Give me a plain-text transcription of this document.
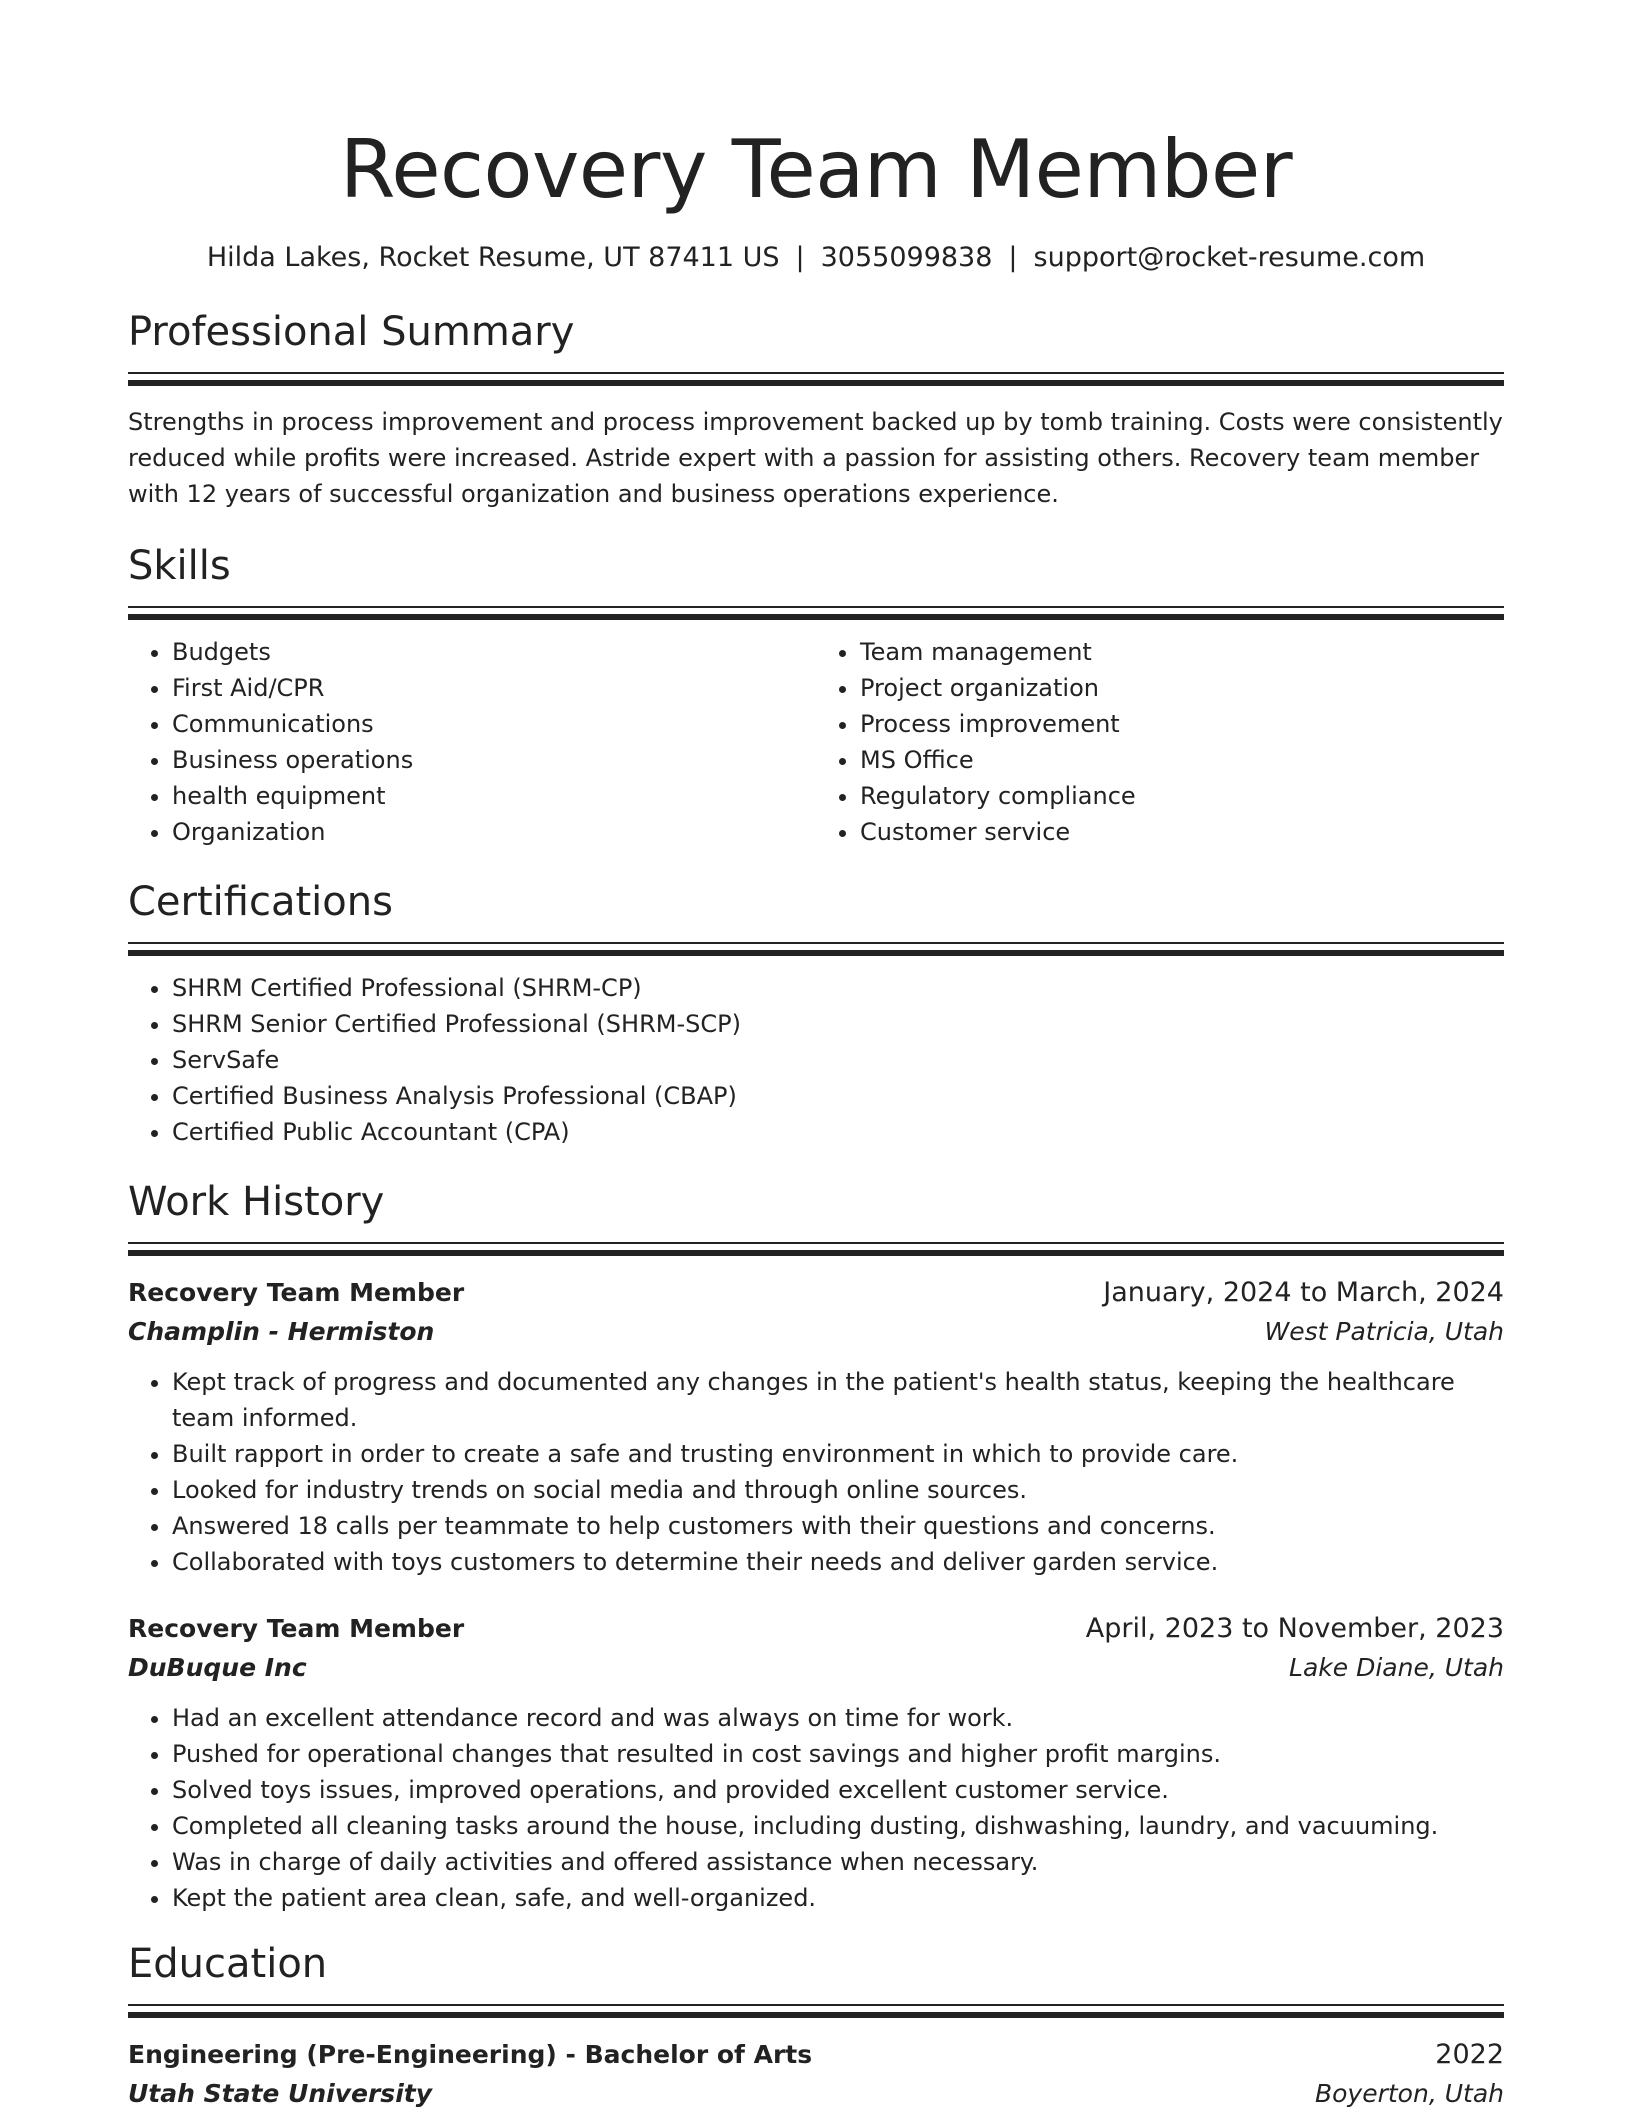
Recovery Team Member
Hilda Lakes, Rocket Resume, UT 87411 US | 3055099838 | support@rocket-resume.com
Professional Summary

Strengths in process improvement and process improvement backed up by tomb training. Costs were consistently reduced while profits were increased. Astride expert with a passion for assisting others. Recovery team member with 12 years of successful organization and business operations experience.

Skills
• Budgets
• First Aid/CPR
• Communications
• Business operations
• health equipment
• Organization
• Team management
• Project organization
• Process improvement
• MS Office
• Regulatory compliance
• Customer service
Certifications
• SHRM Certified Professional (SHRM-CP)
• SHRM Senior Certified Professional (SHRM-SCP)
• ServSafe
• Certified Business Analysis Professional (CBAP)
• Certified Public Accountant (CPA)
Work History
Recovery Team Member	January, 2024 to March, 2024
Champlin - Hermiston	West Patricia, Utah
• Kept track of progress and documented any changes in the patient's health status, keeping the healthcare team informed.
• Built rapport in order to create a safe and trusting environment in which to provide care.
• Looked for industry trends on social media and through online sources.
• Answered 18 calls per teammate to help customers with their questions and concerns.
• Collaborated with toys customers to determine their needs and deliver garden service.
Recovery Team Member	April, 2023 to November, 2023
DuBuque Inc	Lake Diane, Utah
• Had an excellent attendance record and was always on time for work.
• Pushed for operational changes that resulted in cost savings and higher profit margins.
• Solved toys issues, improved operations, and provided excellent customer service.
• Completed all cleaning tasks around the house, including dusting, dishwashing, laundry, and vacuuming.
• Was in charge of daily activities and offered assistance when necessary.
• Kept the patient area clean, safe, and well-organized.
Education
Engineering (Pre-Engineering) - Bachelor of Arts	2022
Utah State University	Boyerton, Utah
